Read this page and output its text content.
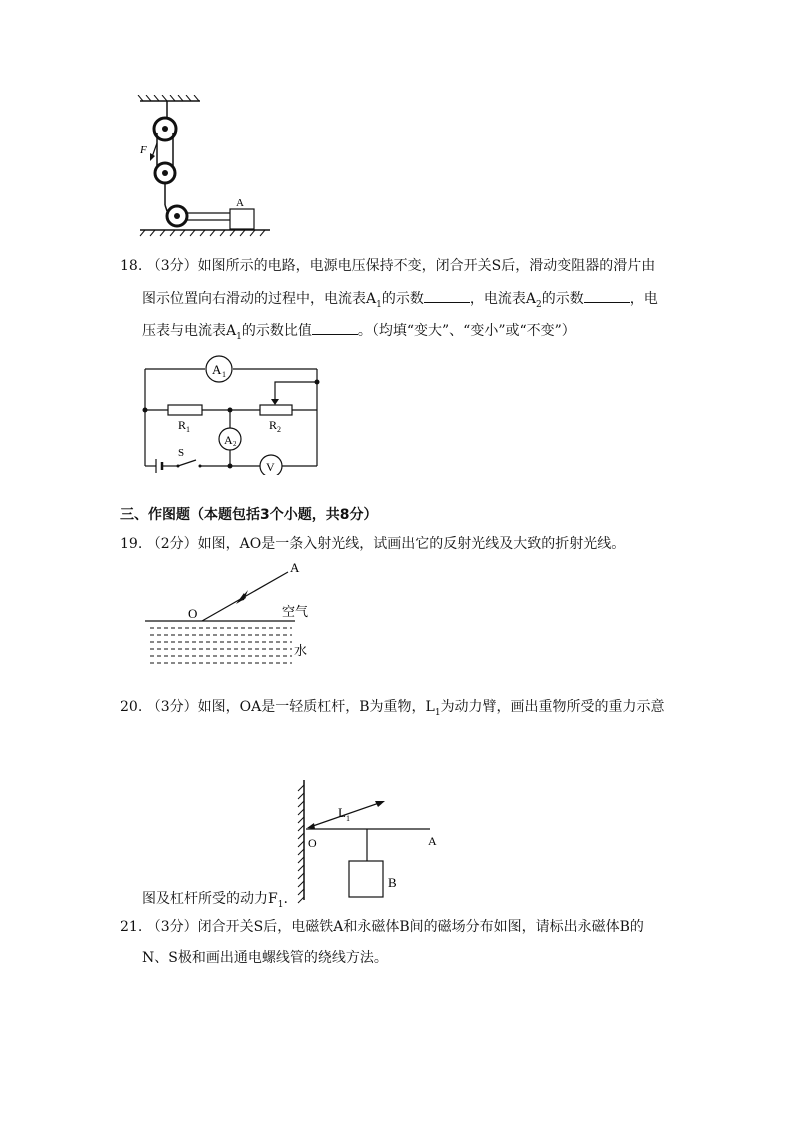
F
A
18. （3分）如图所示的电路，电源电压保持不变，闭合开关S后，滑动变阻器的滑片由
图示位置向右滑动的过程中，电流表$A_1$的示数	，电流表$A_2$的示数	，电
压表与电流表$A_1$的示数比值	。（均填“变大”、“变小”或“不变”）
A 1
R 1	R 2
A 2
S
V
三、作图题（本题包括3个小题，共8分）
19. （2分）如图，AO是一条入射光线，试画出它的反射光线及大致的折射光线。
A
O	空气
水
20. （3分）如图，OA是一轻质杠杆，B为重物，$L_1$为动力臂，画出重物所受的重力示意
L 1
O	A
B
图及杠杆所受的动力$F_1$.
21. （3分）闭合开关S后，电磁铁A和永磁体B间的磁场分布如图，请标出永磁体B的
N、S极和画出通电螺线管的绕线方法。
